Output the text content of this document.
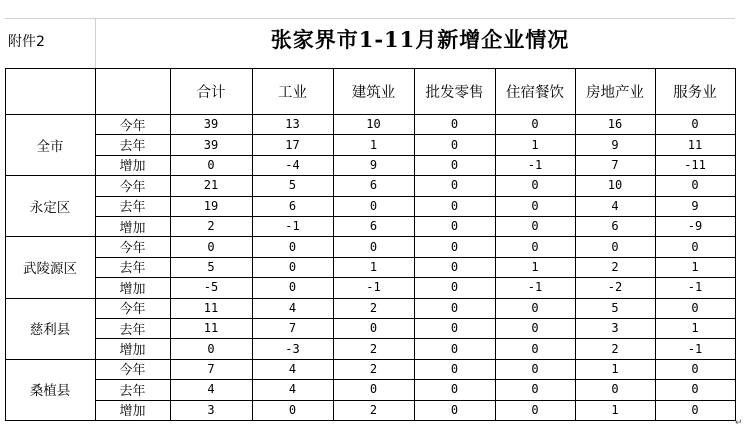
附件2	张家界市1-11月新增企业情况
合计	工业	建筑业	批发零售	住宿餐饮	房地产业	服务业
全市
今年	39	13	10	0	0	16	0
去年	39	17	1	0	1	9	11
增加	0	-4	9	0	-1	7	-11
永定区
今年	21	5	6	0	0	10	0
去年	19	6	0	0	0	4	9
增加	2	-1	6	0	0	6	-9
武陵源区
今年	0	0	0	0	0	0	0
去年	5	0	1	0	1	2	1
增加	-5	0	-1	0	-1	-2	-1
慈利县
今年	11	4	2	0	0	5	0
去年	11	7	0	0	0	3	1
增加	0	-3	2	0	0	2	-1
桑植县
今年	7	4	2	0	0	1	0
去年	4	4	0	0	0	0	0
增加	3	0	2	0	0	1	0
↵
